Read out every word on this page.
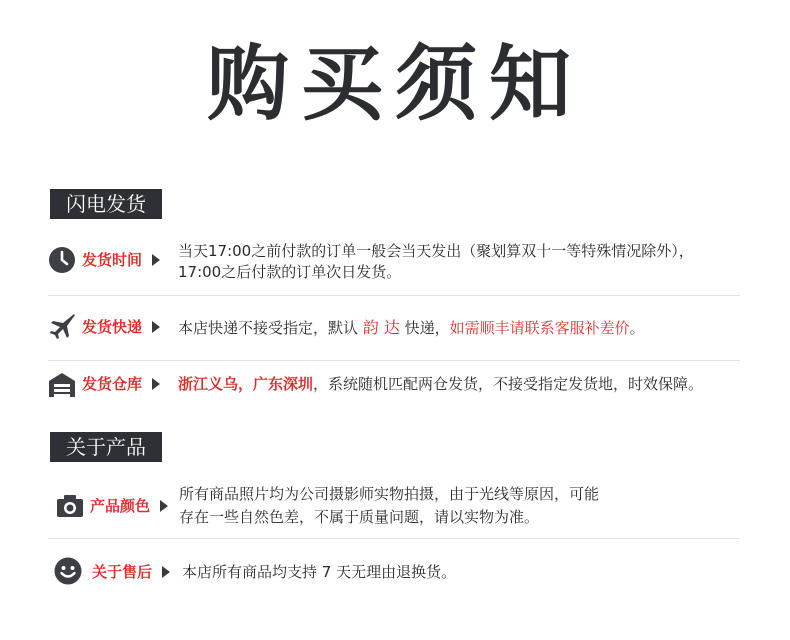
购买须知
闪电发货
发货时间 当天17:00之前付款的订单一般会当天发出（聚划算双十一等特殊情况除外），
17:00之后付款的订单次日发货。
发货快递 本店快递不接受指定，默认 韵 达 快递，如需顺丰请联系客服补差价。
发货仓库 浙江义乌，广东深圳，系统随机匹配两仓发货，不接受指定发货地，时效保障。
关于产品
产品颜色
所有商品照片均为公司摄影师实物拍摄，由于光线等原因，可能
存在一些自然色差，不属于质量问题，请以实物为准。
关于售后 本店所有商品均支持 7 天无理由退换货。
